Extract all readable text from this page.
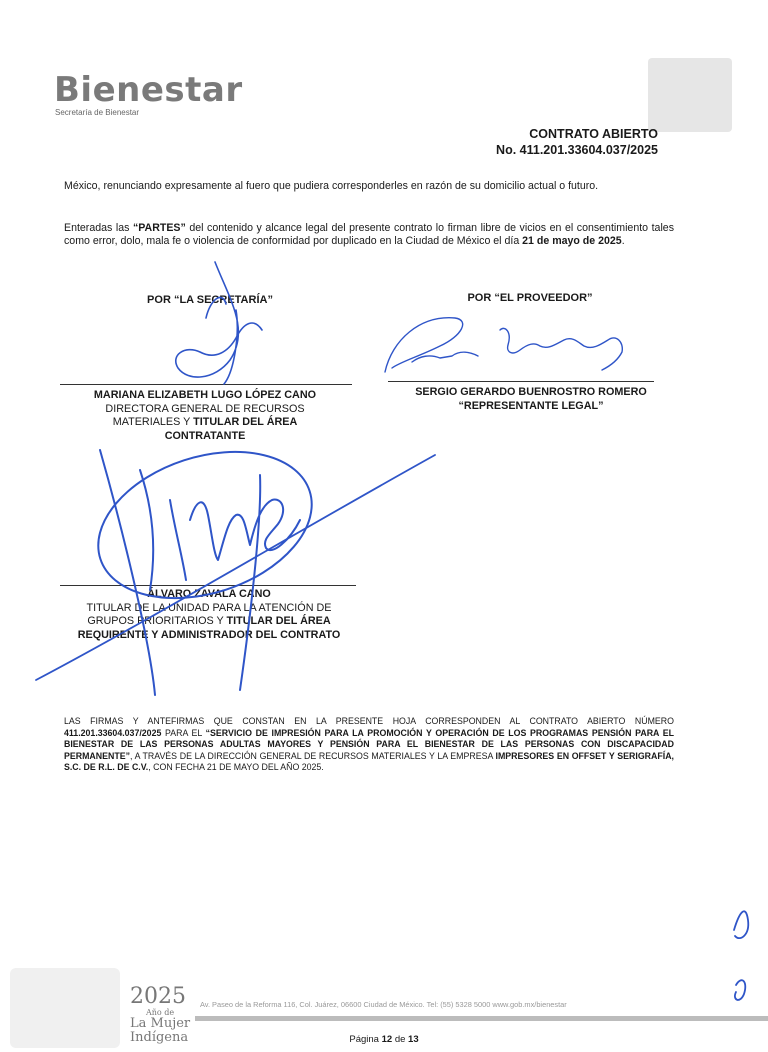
Bienestar
Secretaría de Bienestar
CONTRATO ABIERTO
No. 411.201.33604.037/2025
México, renunciando expresamente al fuero que pudiera corresponderles en razón de su domicilio actual o futuro.
Enteradas las “PARTES” del contenido y alcance legal del presente contrato lo firman libre de vicios en el consentimiento tales como error, dolo, mala fe o violencia de conformidad por duplicado en la Ciudad de México el día 21 de mayo de 2025.
POR “LA SECRETARÍA”	POR “EL PROVEEDOR”
MARIANA ELIZABETH LUGO LÓPEZ CANO
DIRECTORA GENERAL DE RECURSOS
MATERIALES Y TITULAR DEL ÁREA
CONTRATANTE
SERGIO GERARDO BUENROSTRO ROMERO
“REPRESENTANTE LEGAL”
ÁLVARO ZAVALA CANO
TITULAR DE LA UNIDAD PARA LA ATENCIÓN DE
GRUPOS PRIORITARIOS Y TITULAR DEL ÁREA
REQUIRENTE Y ADMINISTRADOR DEL CONTRATO
LAS FIRMAS Y ANTEFIRMAS QUE CONSTAN EN LA PRESENTE HOJA CORRESPONDEN AL CONTRATO ABIERTO NÚMERO 411.201.33604.037/2025 PARA EL “SERVICIO DE IMPRESIÓN PARA LA PROMOCIÓN Y OPERACIÓN DE LOS PROGRAMAS PENSIÓN PARA EL BIENESTAR DE LAS PERSONAS ADULTAS MAYORES Y PENSIÓN PARA EL BIENESTAR DE LAS PERSONAS CON DISCAPACIDAD PERMANENTE”, A TRAVÉS DE LA DIRECCIÓN GENERAL DE RECURSOS MATERIALES Y LA EMPRESA IMPRESORES EN OFFSET Y SERIGRAFÍA, S.C. DE R.L. DE C.V., CON FECHA 21 DE MAYO DEL AÑO 2025.
2025
Año de
La Mujer
Indígena
Av. Paseo de la Reforma 116, Col. Juárez, 06600 Ciudad de México. Tel: (55) 5328 5000 www.gob.mx/bienestar
Página 12 de 13
